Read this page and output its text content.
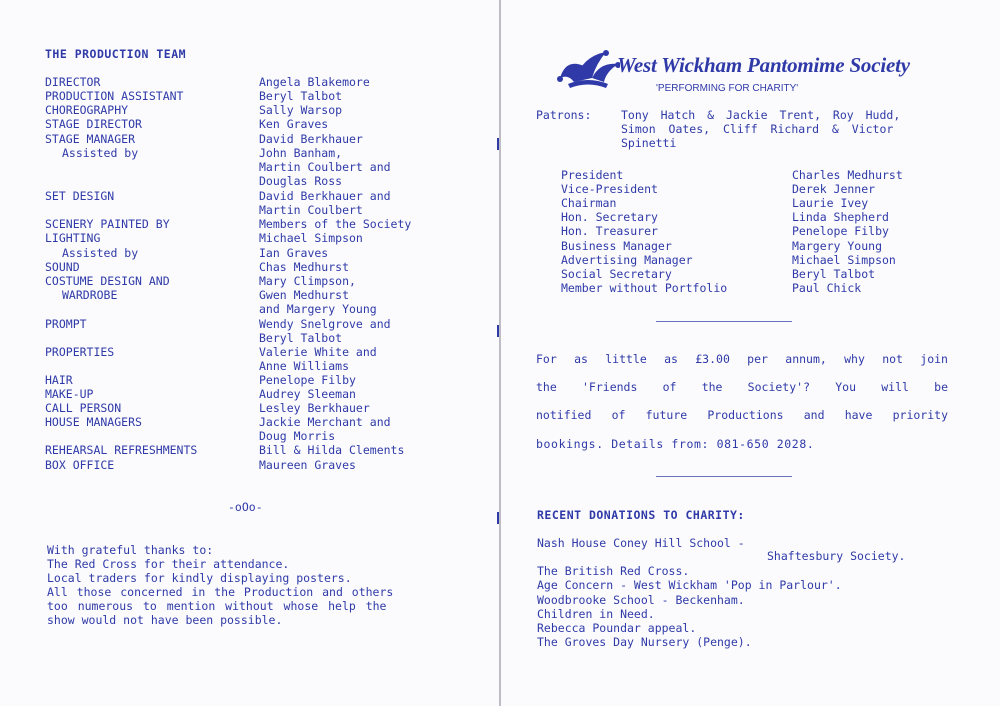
THE PRODUCTION TEAM
DIRECTOR	Angela Blakemore
PRODUCTION ASSISTANT	Beryl Talbot
CHOREOGRAPHY	Sally Warsop
STAGE DIRECTOR	Ken Graves
STAGE MANAGER	David Berkhauer
Assisted by	John Banham,
Martin Coulbert and
Douglas Ross
SET DESIGN	David Berkhauer and
Martin Coulbert
SCENERY PAINTED BY	Members of the Society
LIGHTING	Michael Simpson
Assisted by	Ian Graves
SOUND	Chas Medhurst
COSTUME DESIGN AND	Mary Climpson,
WARDROBE	Gwen Medhurst
and Margery Young
PROMPT	Wendy Snelgrove and
Beryl Talbot
PROPERTIES	Valerie White and
Anne Williams
HAIR	Penelope Filby
MAKE-UP	Audrey Sleeman
CALL PERSON	Lesley Berkhauer
HOUSE MANAGERS	Jackie Merchant and
Doug Morris
REHEARSAL REFRESHMENTS	Bill & Hilda Clements
BOX OFFICE	Maureen Graves
-oOo-
With grateful thanks to:
The Red Cross for their attendance.
Local traders for kindly displaying posters.
All those concerned in the Production and others
too numerous to mention without whose help the
show would not have been possible.
West Wickham Pantomime Society
'PERFORMING FOR CHARITY'
Patrons:	Tony Hatch & Jackie Trent, Roy Hudd,
Simon Oates, Cliff Richard & Victor
Spinetti
President	Charles Medhurst
Vice-President	Derek Jenner
Chairman	Laurie Ivey
Hon. Secretary	Linda Shepherd
Hon. Treasurer	Penelope Filby
Business Manager	Margery Young
Advertising Manager	Michael Simpson
Social Secretary	Beryl Talbot
Member without Portfolio	Paul Chick
For as little as £3.00 per annum, why not join
the 'Friends of the Society'? You will be
notified of future Productions and have priority
bookings. Details from: 081-650 2028.
RECENT DONATIONS TO CHARITY:
Nash House Coney Hill School -
Shaftesbury Society.
The British Red Cross.
Age Concern - West Wickham 'Pop in Parlour'.
Woodbrooke School - Beckenham.
Children in Need.
Rebecca Poundar appeal.
The Groves Day Nursery (Penge).
